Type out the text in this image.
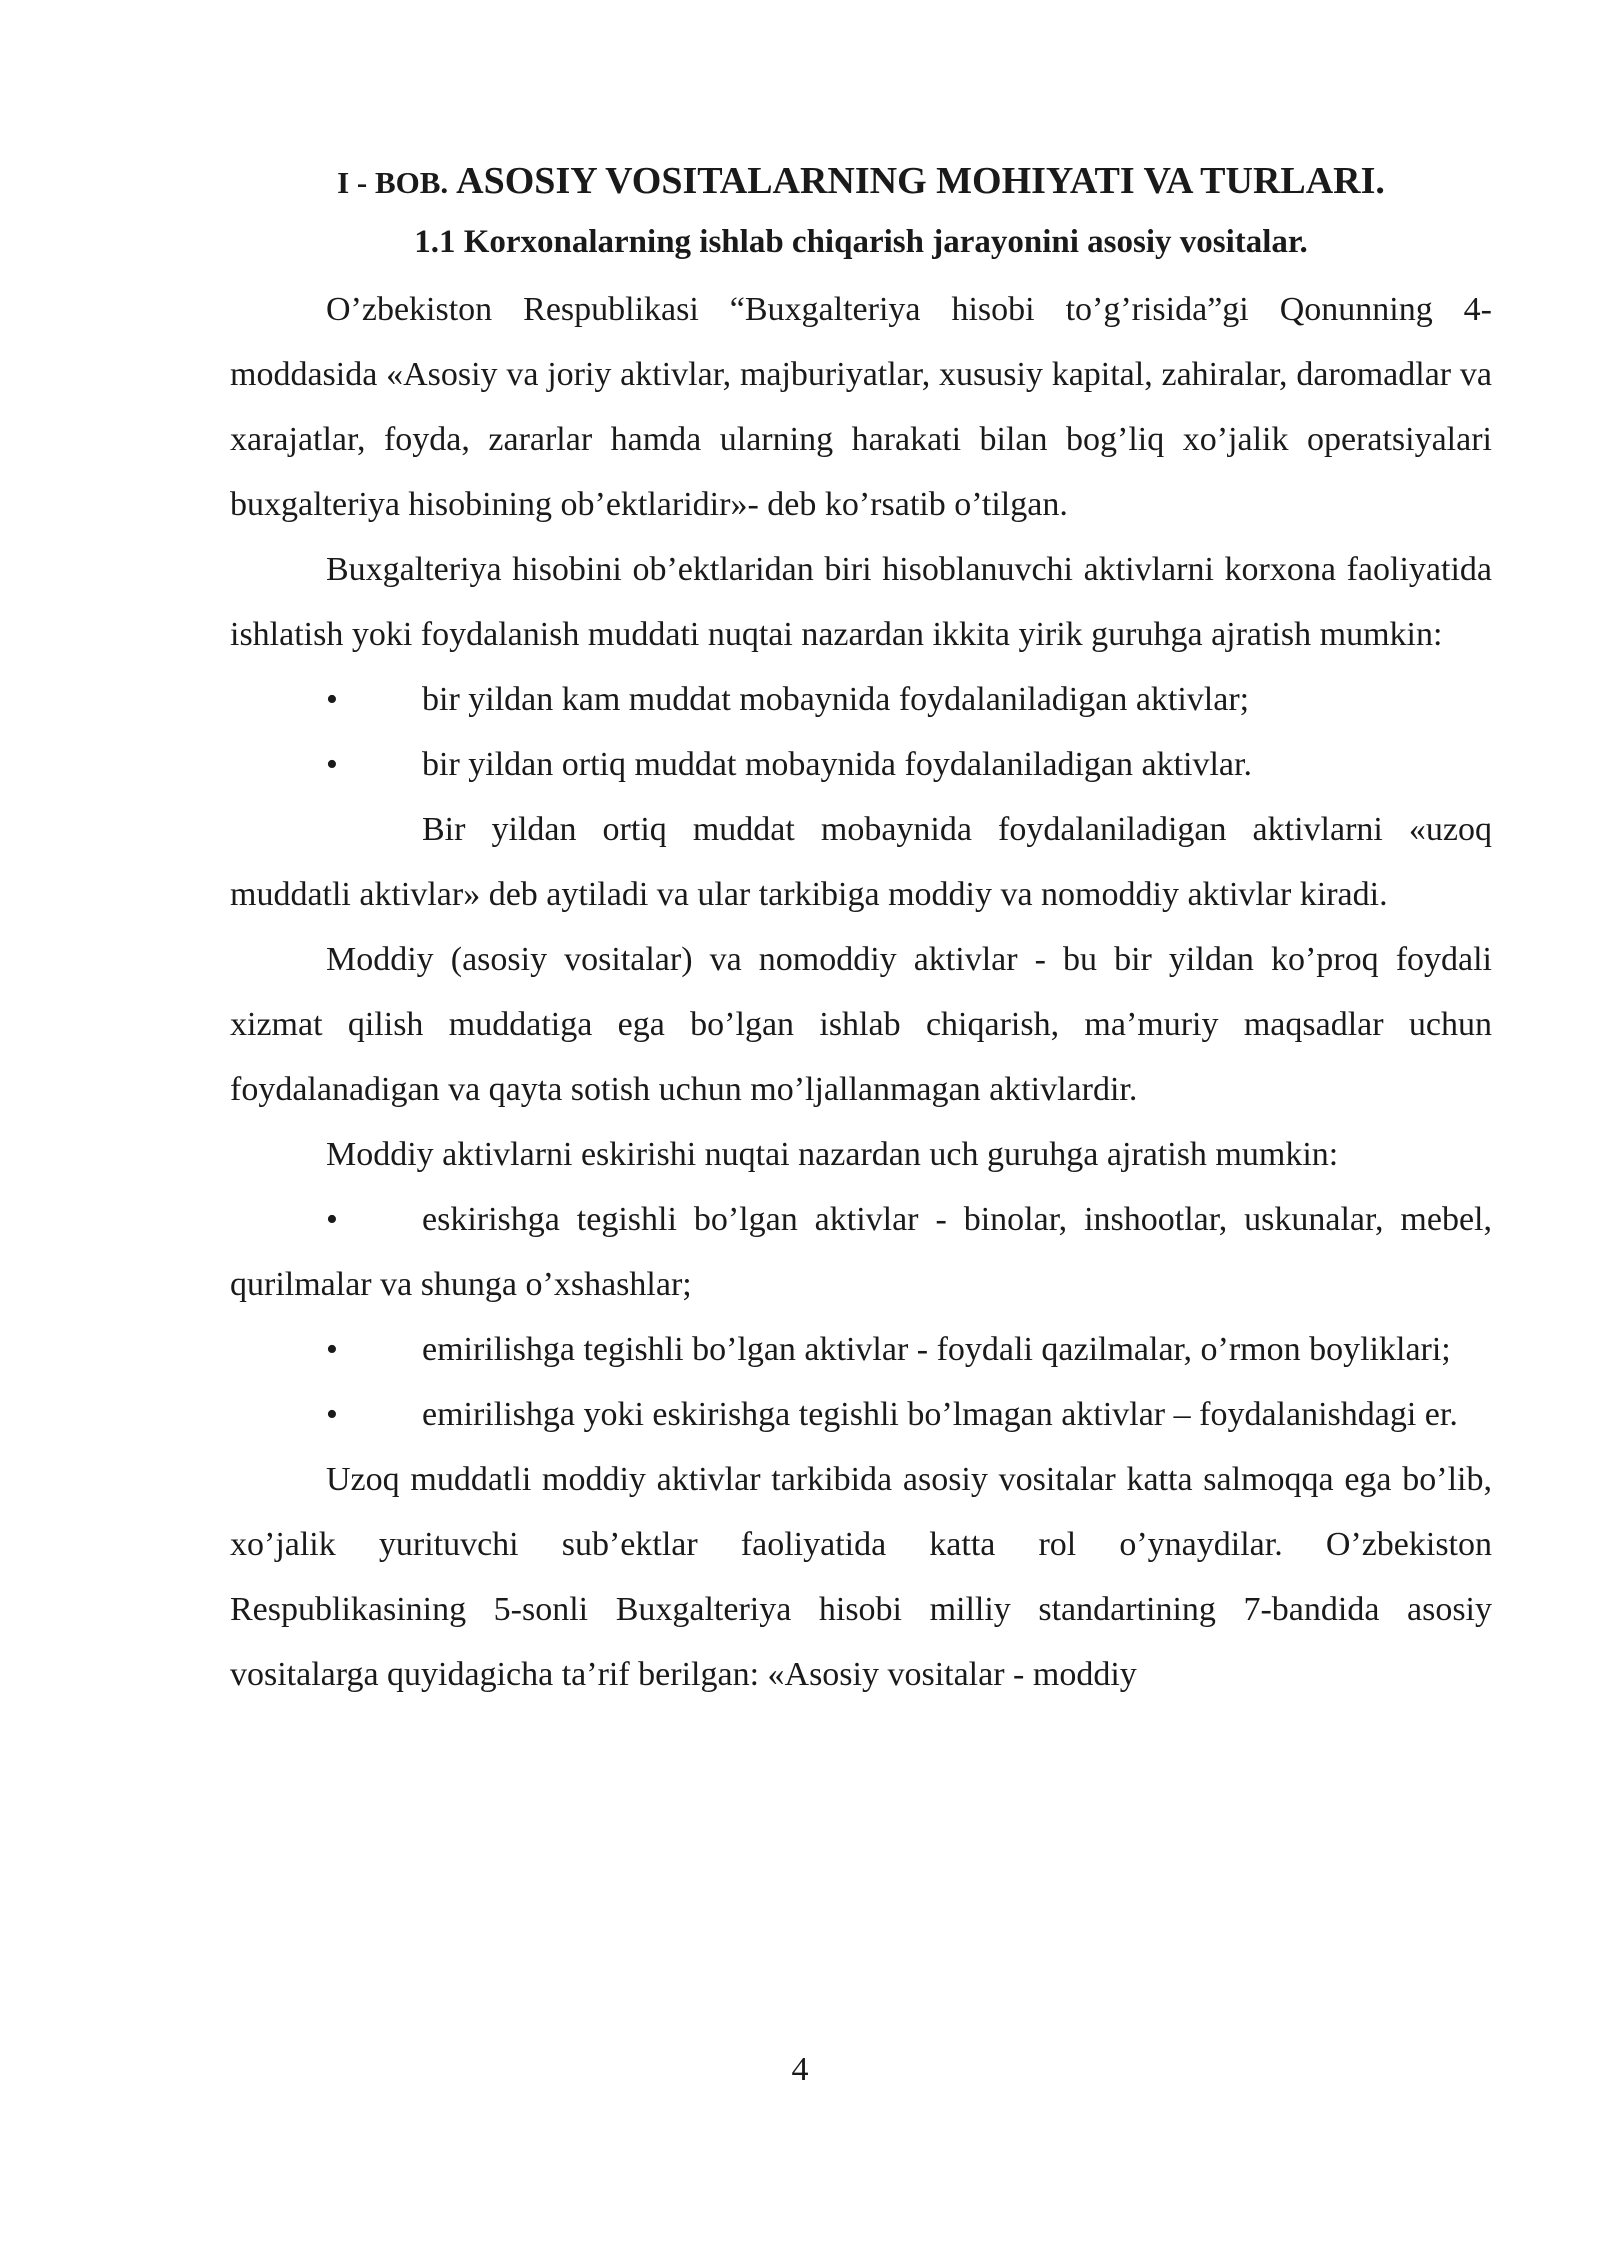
I - BOB. ASOSIY VOSITALARNING MOHIYATI VA TURLARI.
1.1 Korxonalarning ishlab chiqarish jarayonini asosiy vositalar.

O’zbekiston Respublikasi “Buxgalteriya hisobi to’g’risida”gi Qonunning 4-moddasida «Asosiy va joriy aktivlar, majburiyatlar, xususiy kapital, zahiralar, daromadlar va xarajatlar, foyda, zararlar hamda ularning harakati bilan bog’liq xo’jalik operatsiyalari buxgalteriya hisobining ob’ektlaridir»- deb ko’rsatib o’tilgan.

Buxgalteriya hisobini ob’ektlaridan biri hisoblanuvchi aktivlarni korxona faoliyatida ishlatish yoki foydalanish muddati nuqtai nazardan ikkita yirik guruhga ajratish mumkin:

• bir yildan kam muddat mobaynida foydalaniladigan aktivlar;

• bir yildan ortiq muddat mobaynida foydalaniladigan aktivlar.

Bir yildan ortiq muddat mobaynida foydalaniladigan aktivlarni «uzoq muddatli aktivlar» deb aytiladi va ular tarkibiga moddiy va nomoddiy aktivlar kiradi.

Moddiy (asosiy vositalar) va nomoddiy aktivlar - bu bir yildan ko’proq foydali xizmat qilish muddatiga ega bo’lgan ishlab chiqarish, ma’muriy maqsadlar uchun foydalanadigan va qayta sotish uchun mo’ljallanmagan aktivlardir.

Moddiy aktivlarni eskirishi nuqtai nazardan uch guruhga ajratish mumkin:

• eskirishga tegishli bo’lgan aktivlar - binolar, inshootlar, uskunalar, mebel, qurilmalar va shunga o’xshashlar;

• emirilishga tegishli bo’lgan aktivlar - foydali qazilmalar, o’rmon boyliklari;

• emirilishga yoki eskirishga tegishli bo’lmagan aktivlar – foydalanishdagi er.

Uzoq muddatli moddiy aktivlar tarkibida asosiy vositalar katta salmoqqa ega bo’lib, xo’jalik yurituvchi sub’ektlar faoliyatida katta rol o’ynaydilar. O’zbekiston Respublikasining 5-sonli Buxgalteriya hisobi milliy standartining 7-bandida asosiy vositalarga quyidagicha ta’rif berilgan: «Asosiy vositalar - moddiy

4
